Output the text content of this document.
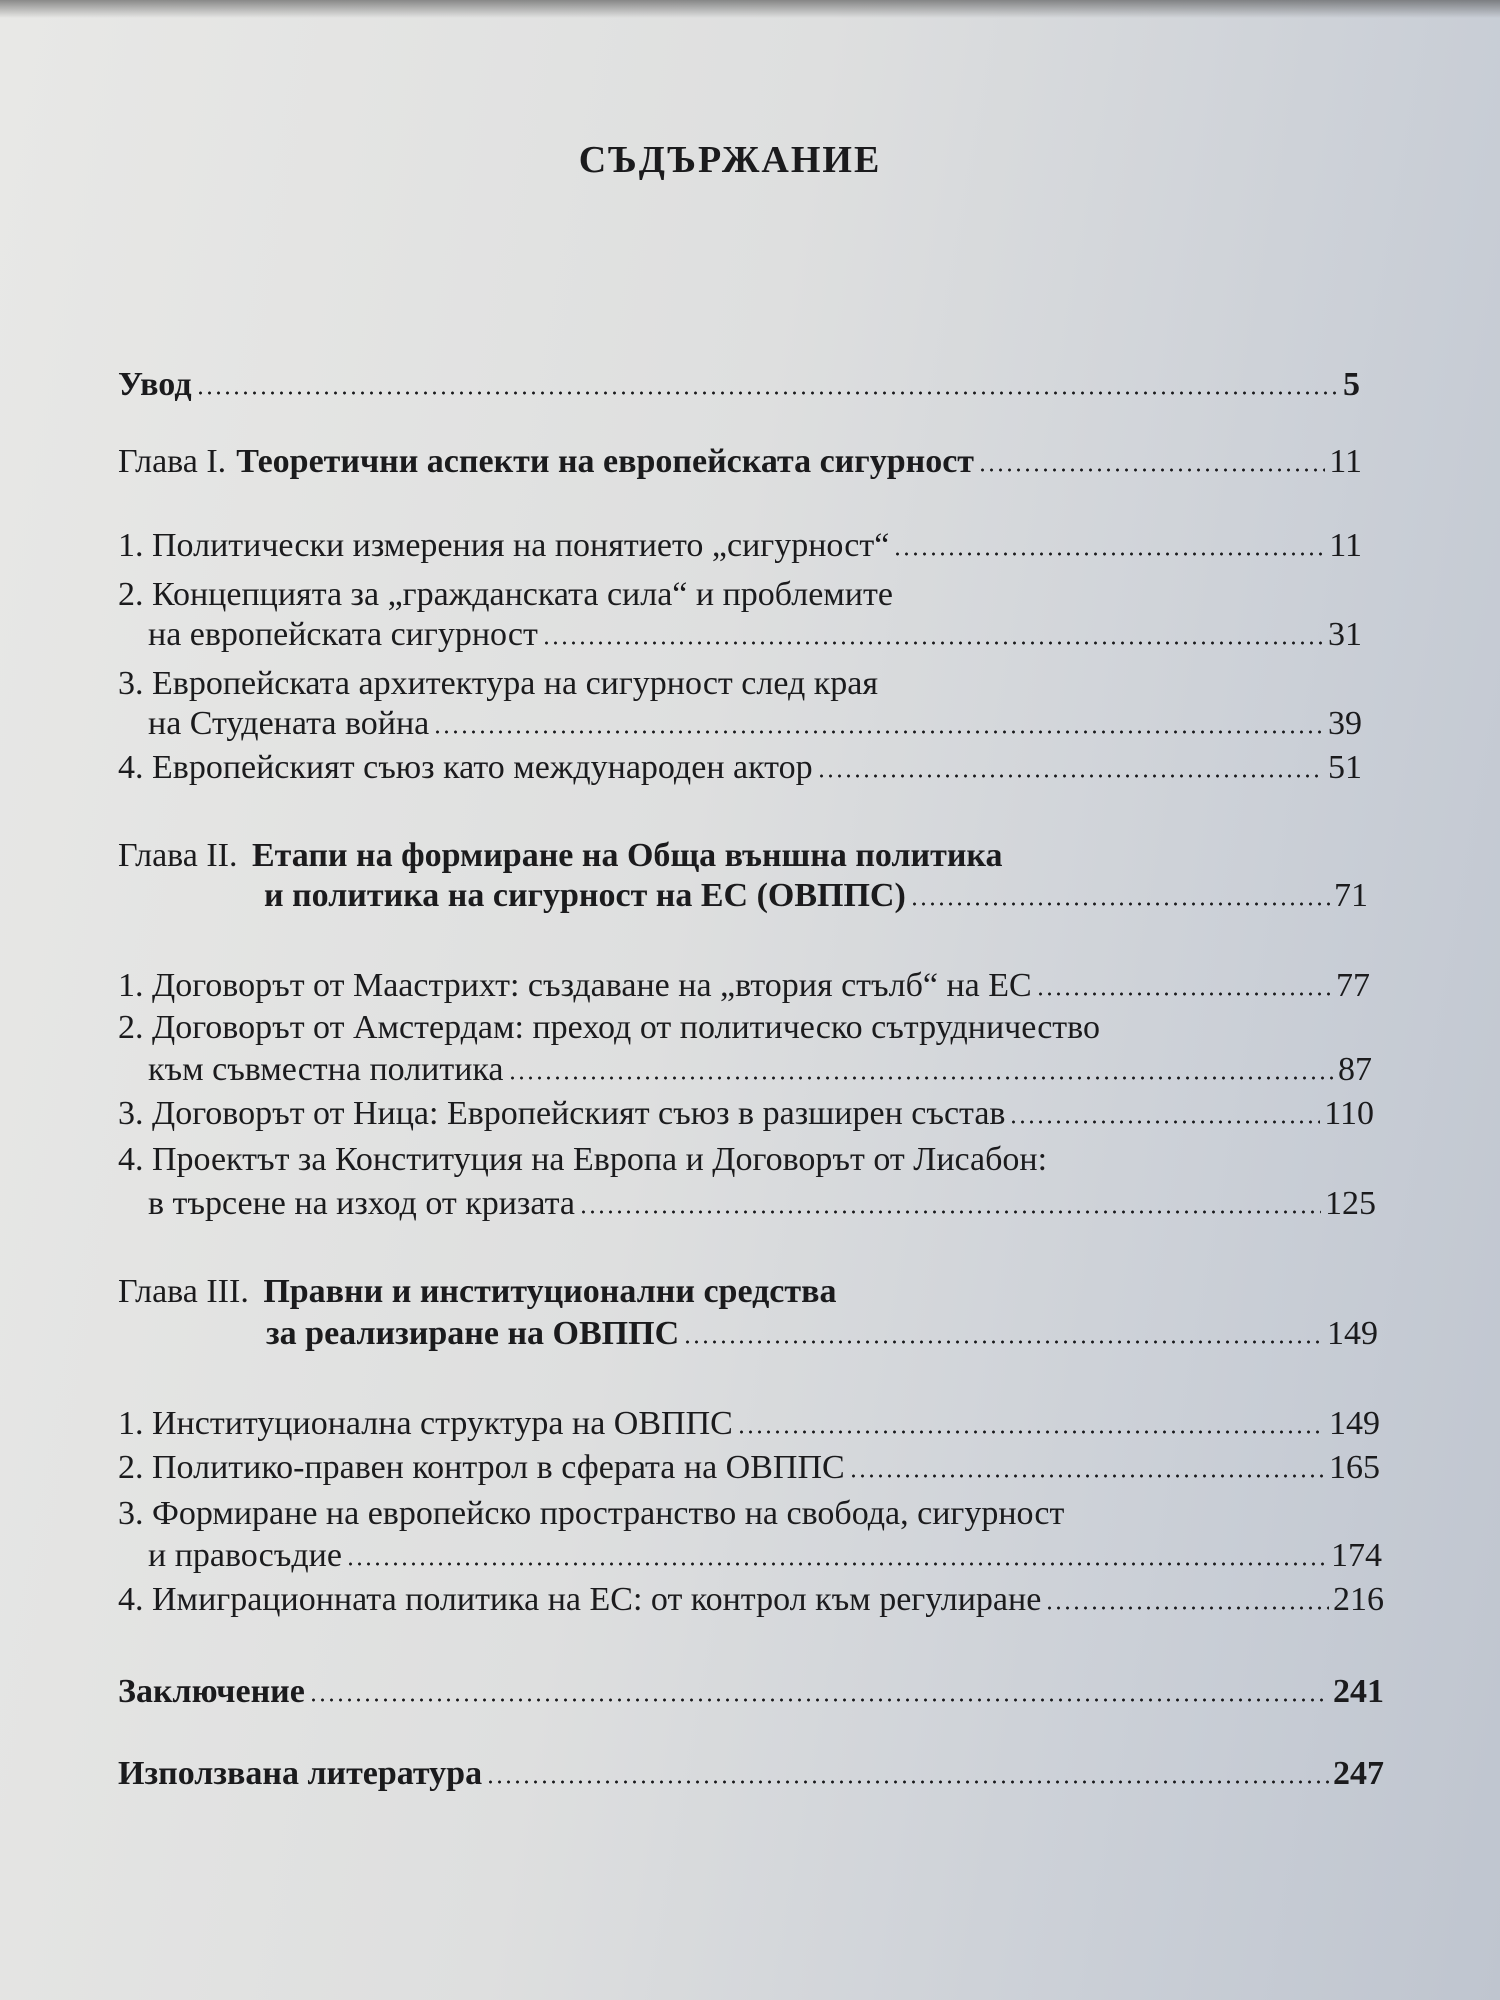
СЪДЪРЖАНИЕ
Увод	5
Глава I. Теоретични аспекти на европейската сигурност	11
1. Политически измерения на понятието „сигурност“	11
2. Концепцията за „гражданската сила“ и проблемите
на европейската сигурност	31
3. Европейската архитектура на сигурност след края
на Студената война	39
4. Европейският съюз като международен актор	51
Глава II. Етапи на формиране на Обща външна политика
и политика на сигурност на ЕС (ОВППС)	71
1. Договорът от Маастрихт: създаване на „втория стълб“ на ЕС	77
2. Договорът от Амстердам: преход от политическо сътрудничество
към съвместна политика	87
3. Договорът от Ница: Европейският съюз в разширен състав	110
4. Проектът за Конституция на Европа и Договорът от Лисабон:
в търсене на изход от кризата	125
Глава III. Правни и институционални средства
за реализиране на ОВППС	149
1. Институционална структура на ОВППС	149
2. Политико-правен контрол в сферата на ОВППС	165
3. Формиране на европейско пространство на свобода, сигурност
и правосъдие	174
4. Имиграционната политика на ЕС: от контрол към регулиране	216
Заключение	241
Използвана литература	247
